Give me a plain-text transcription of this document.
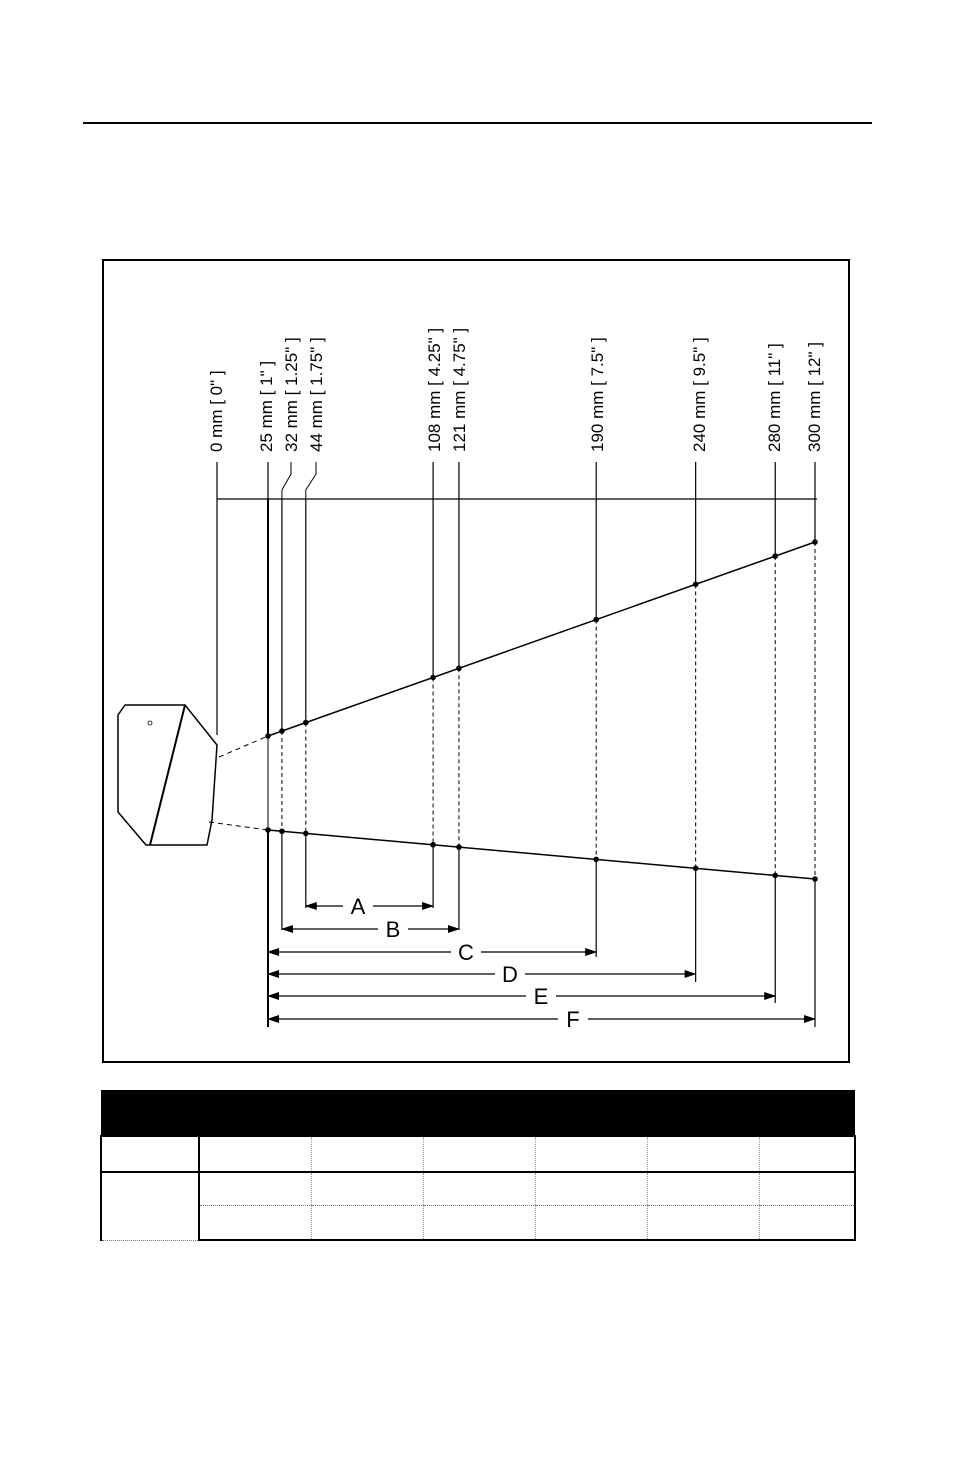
0 mm [ 0" ] 25 mm [ 1" ] 32 mm [ 1.25" ] 44 mm [ 1.75" ]	108 mm [ 4.25" ] 121 mm [ 4.75" ]	190 mm [ 7.5" ]	240 mm [ 9.5" ]	280 mm [ 11" ] 300 mm [ 12" ]
A
B
C
D
E
F
